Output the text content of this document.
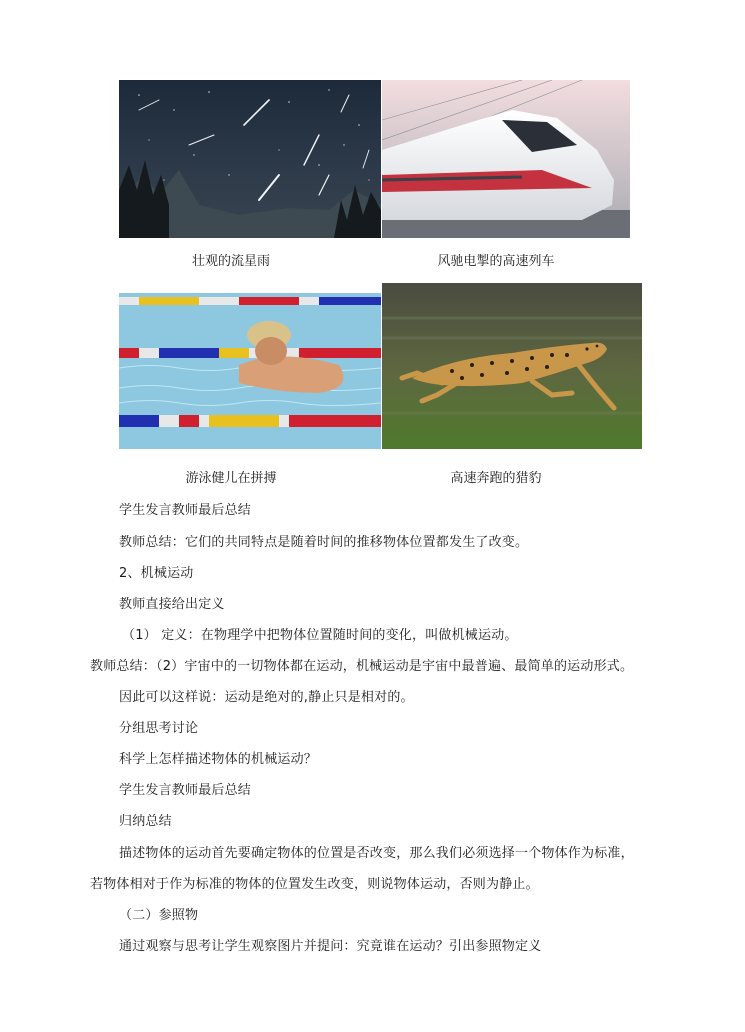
壮观的流星雨	风驰电掣的高速列车
游泳健儿在拼搏	高速奔跑的猎豹
学生发言教师最后总结
教师总结：它们的共同特点是随着时间的推移物体位置都发生了改变。
2、机械运动
教师直接给出定义
（1） 定义：在物理学中把物体位置随时间的变化，叫做机械运动。
教师总结：（2）宇宙中的一切物体都在运动，机械运动是宇宙中最普遍、最简单的运动形式。
因此可以这样说：运动是绝对的,静止只是相对的。
分组思考讨论
科学上怎样描述物体的机械运动？
学生发言教师最后总结
归纳总结
描述物体的运动首先要确定物体的位置是否改变，那么我们必须选择一个物体作为标准，
若物体相对于作为标准的物体的位置发生改变，则说物体运动，否则为静止。
（二）参照物
通过观察与思考让学生观察图片并提问：究竟谁在运动？引出参照物定义
